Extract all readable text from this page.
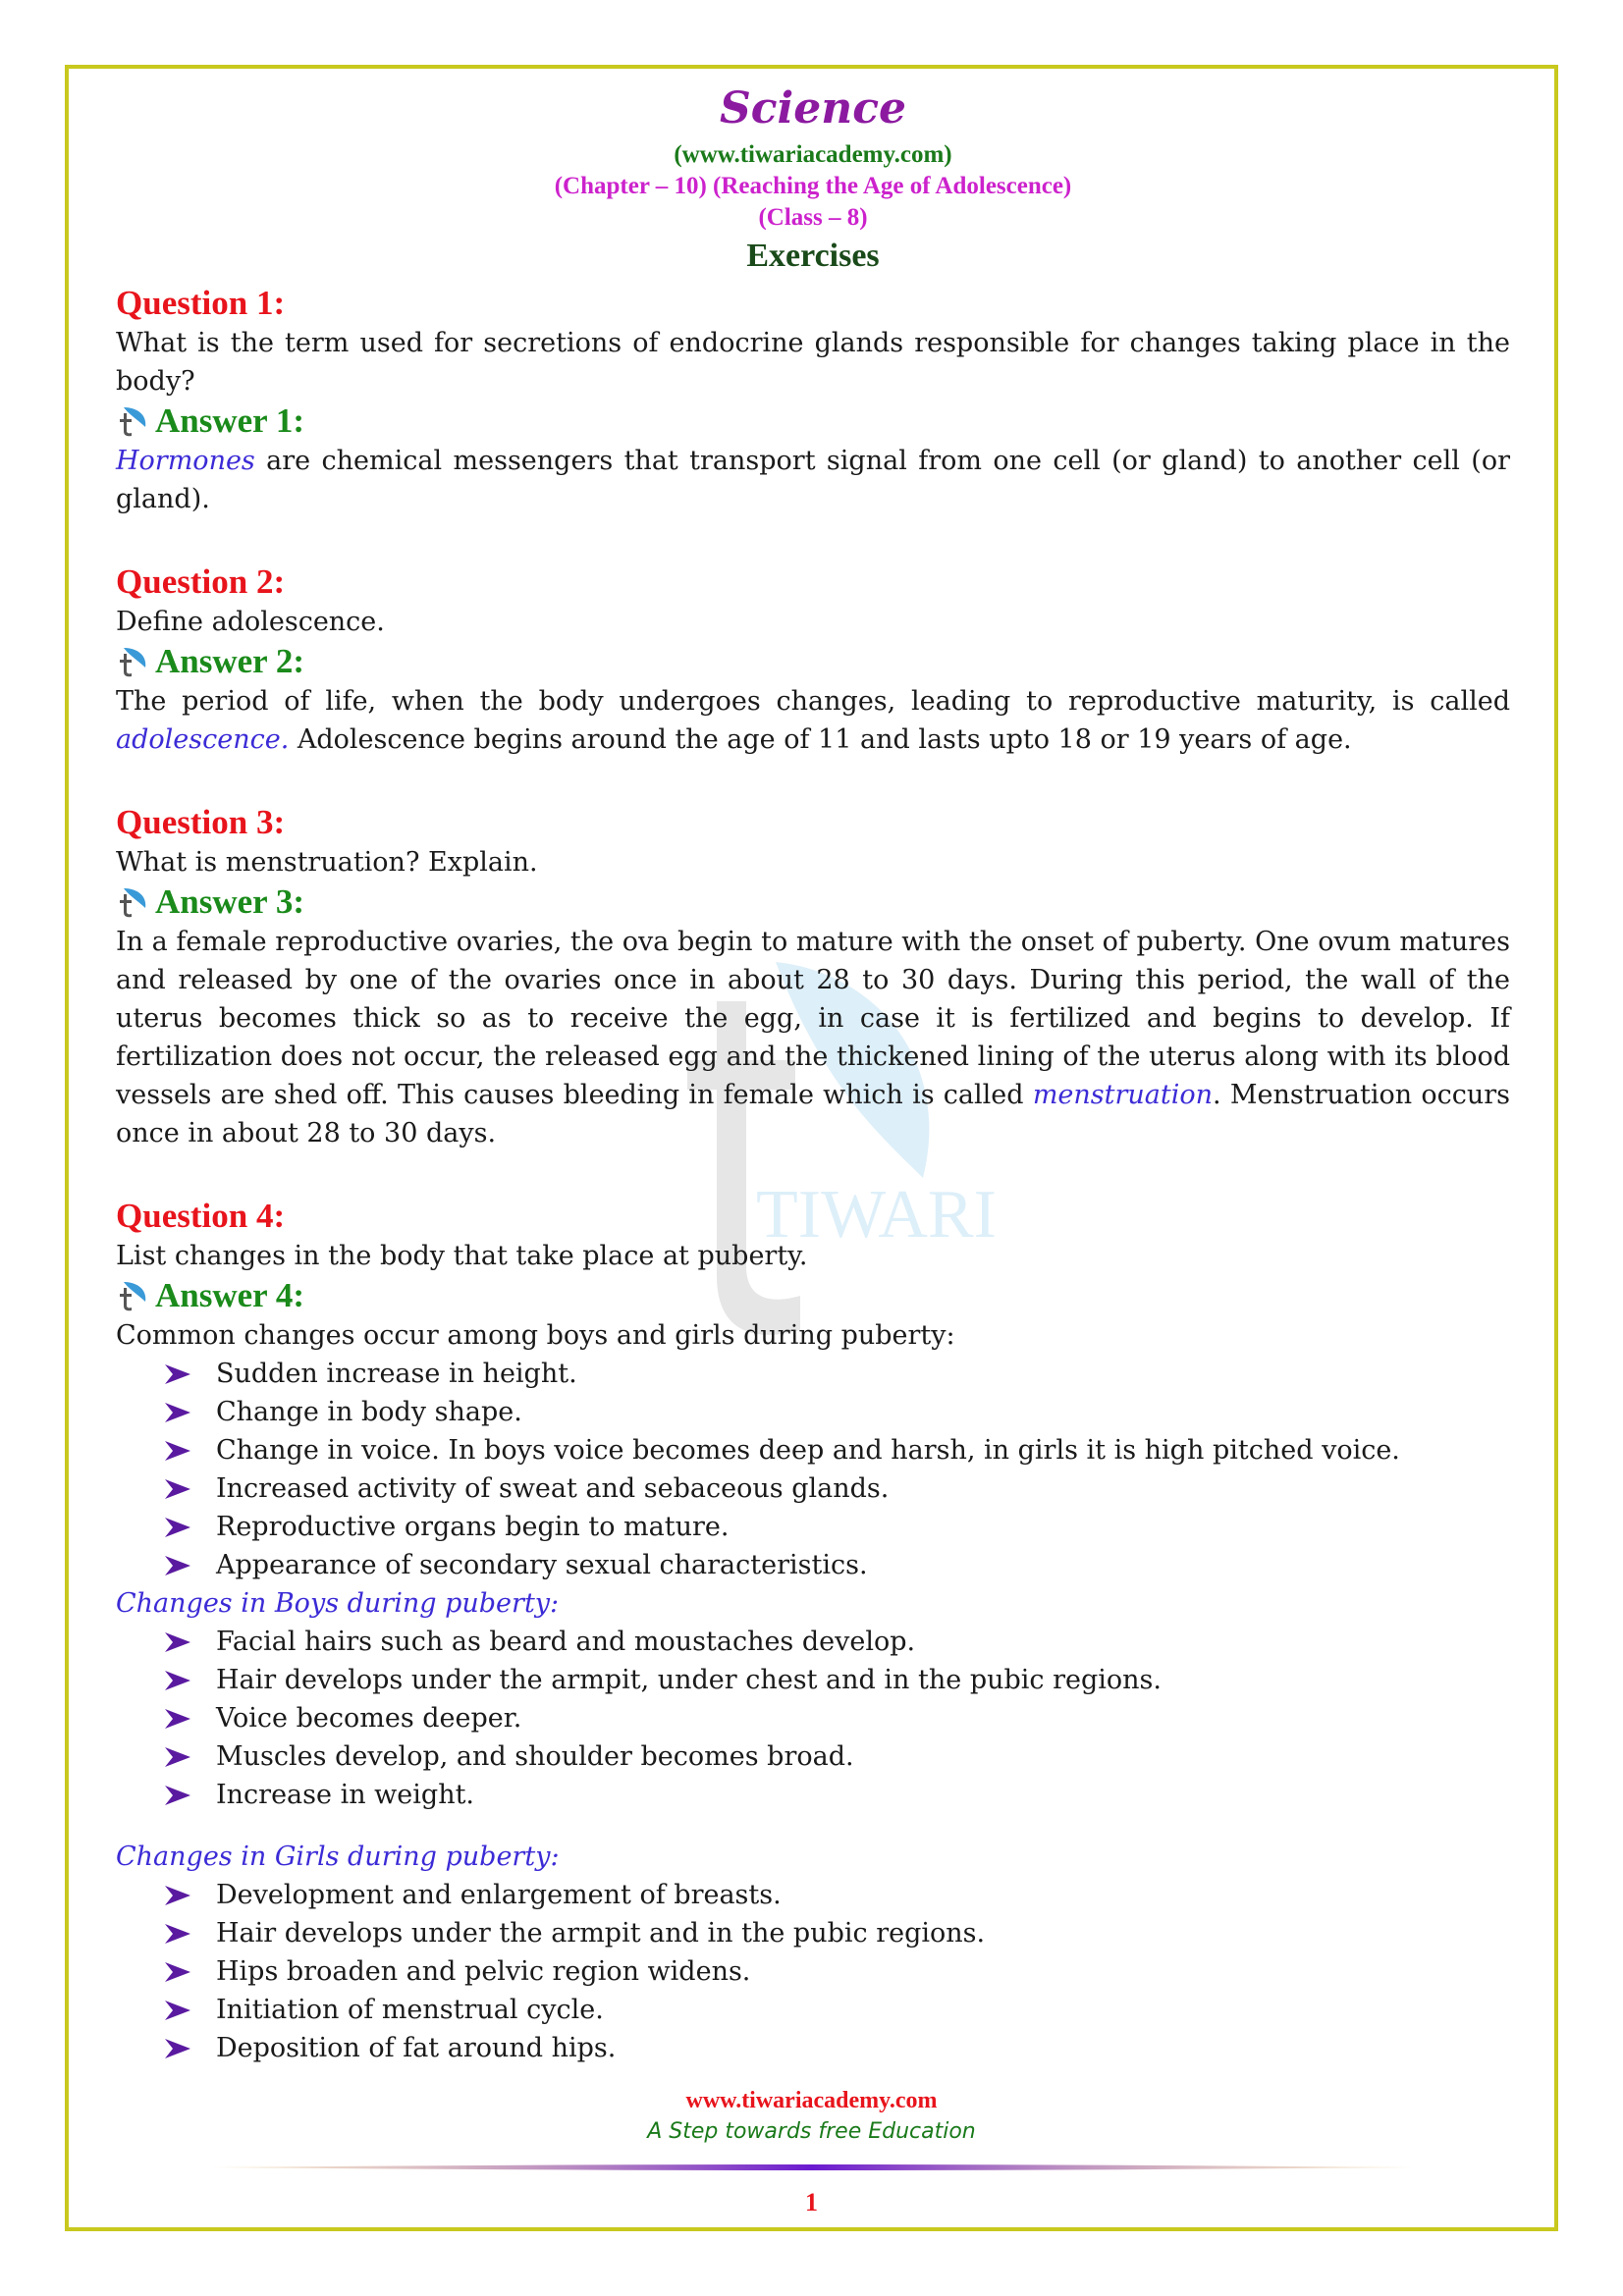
TIWARI
Science
(www.tiwariacademy.com)
(Chapter – 10) (Reaching the Age of Adolescence)
(Class – 8)
Exercises
Question 1:
What is the term used for secretions of endocrine glands responsible for changes taking place in the body?
Answer 1:
Hormones are chemical messengers that transport signal from one cell (or gland) to another cell (or gland).
Question 2:
Define adolescence.
Answer 2:
The period of life, when the body undergoes changes, leading to reproductive maturity, is called adolescence. Adolescence begins around the age of 11 and lasts upto 18 or 19 years of age.
Question 3:
What is menstruation? Explain.
Answer 3:
In a female reproductive ovaries, the ova begin to mature with the onset of puberty. One ovum matures and released by one of the ovaries once in about 28 to 30 days. During this period, the wall of the uterus becomes thick so as to receive the egg, in case it is fertilized and begins to develop. If fertilization does not occur, the released egg and the thickened lining of the uterus along with its blood vessels are shed off. This causes bleeding in female which is called menstruation. Menstruation occurs once in about 28 to 30 days.
Question 4:
List changes in the body that take place at puberty.
Answer 4:
Common changes occur among boys and girls during puberty:
Sudden increase in height.
Change in body shape.
Change in voice. In boys voice becomes deep and harsh, in girls it is high pitched voice.
Increased activity of sweat and sebaceous glands.
Reproductive organs begin to mature.
Appearance of secondary sexual characteristics.
Changes in Boys during puberty:
Facial hairs such as beard and moustaches develop.
Hair develops under the armpit, under chest and in the pubic regions.
Voice becomes deeper.
Muscles develop, and shoulder becomes broad.
Increase in weight.
Changes in Girls during puberty:
Development and enlargement of breasts.
Hair develops under the armpit and in the pubic regions.
Hips broaden and pelvic region widens.
Initiation of menstrual cycle.
Deposition of fat around hips.
www.tiwariacademy.com
A Step towards free Education
1
